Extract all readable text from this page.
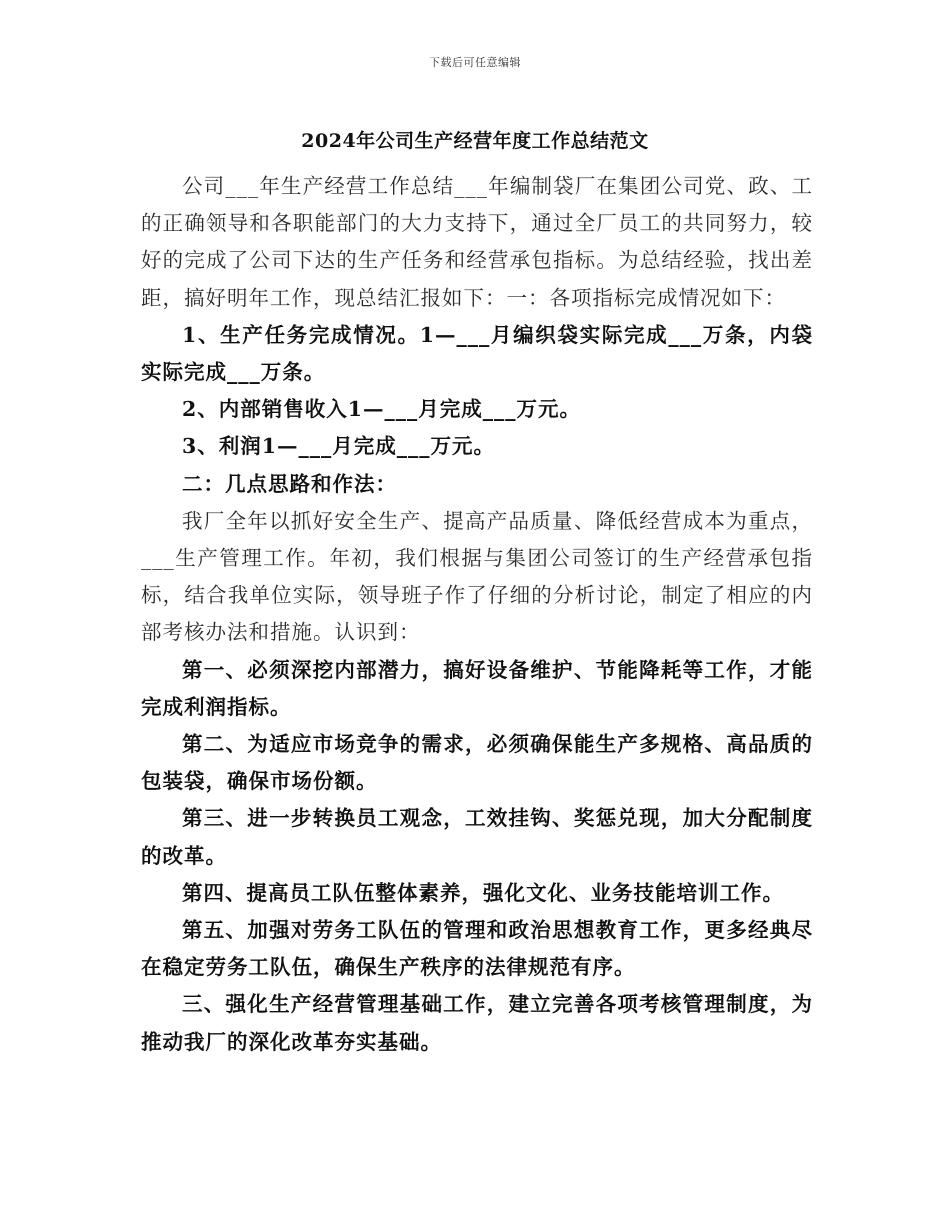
下载后可任意编辑
2024年公司生产经营年度工作总结范文

公司___年生产经营工作总结___年编制袋厂在集团公司党、政、工的正确领导和各职能部门的大力支持下，通过全厂员工的共同努力，较好的完成了公司下达的生产任务和经营承包指标。为总结经验，找出差距，搞好明年工作，现总结汇报如下：一：各项指标完成情况如下：

1、生产任务完成情况。1—___月编织袋实际完成___万条，内袋实际完成___万条。

2、内部销售收入1—___月完成___万元。

3、利润1—___月完成___万元。

二：几点思路和作法：

我厂全年以抓好安全生产、提高产品质量、降低经营成本为重点，___生产管理工作。年初，我们根据与集团公司签订的生产经营承包指标，结合我单位实际，领导班子作了仔细的分析讨论，制定了相应的内部考核办法和措施。认识到：

第一、必须深挖内部潜力，搞好设备维护、节能降耗等工作，才能完成利润指标。

第二、为适应市场竞争的需求，必须确保能生产多规格、高品质的包装袋，确保市场份额。

第三、进一步转换员工观念，工效挂钩、奖惩兑现，加大分配制度的改革。

第四、提高员工队伍整体素养，强化文化、业务技能培训工作。

第五、加强对劳务工队伍的管理和政治思想教育工作，更多经典尽在稳定劳务工队伍，确保生产秩序的法律规范有序。

三、强化生产经营管理基础工作，建立完善各项考核管理制度，为推动我厂的深化改革夯实基础。
